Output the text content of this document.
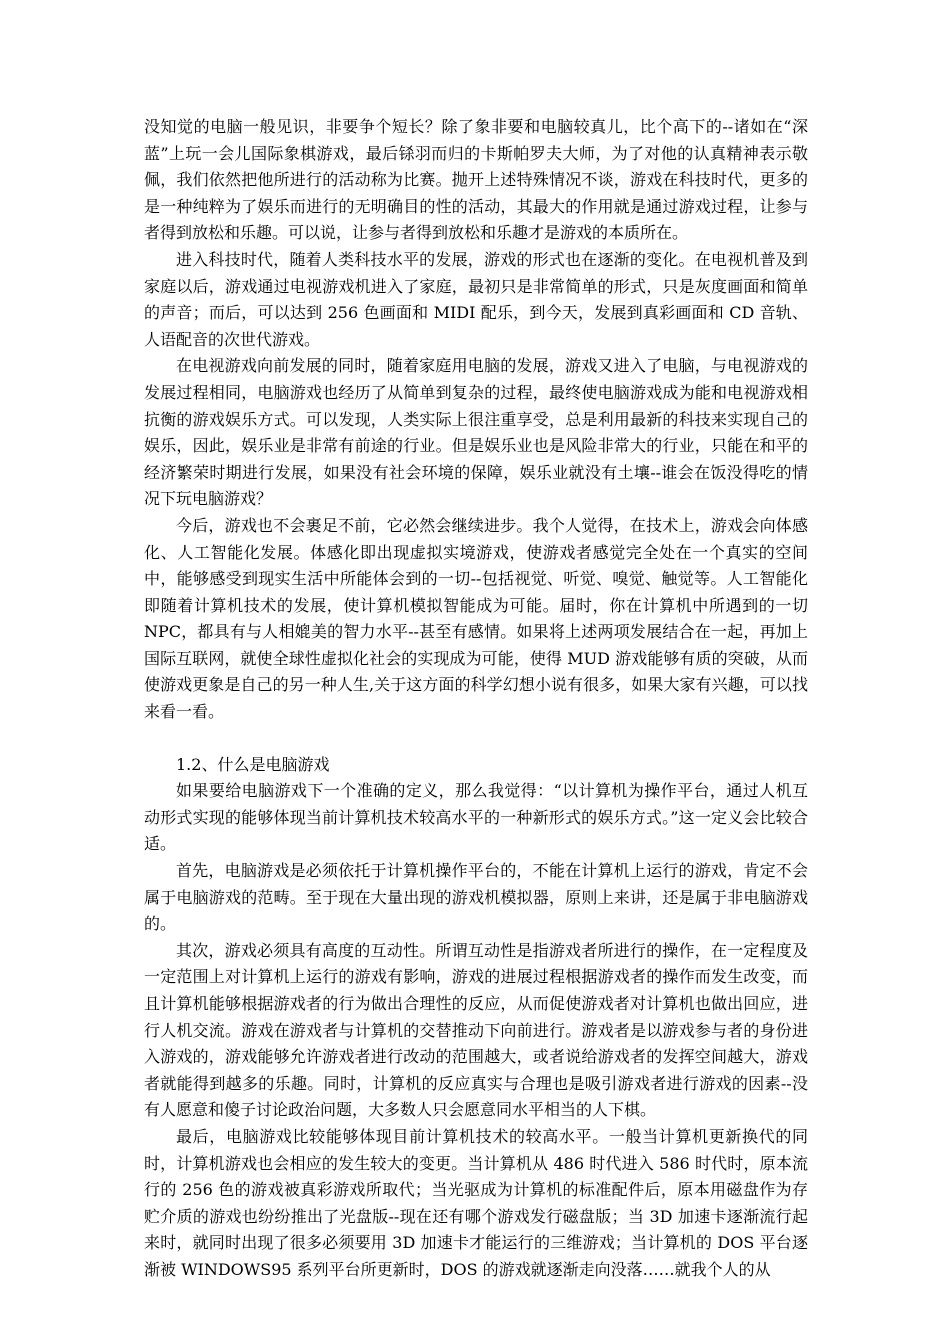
没知觉的电脑一般见识，非要争个短长？除了象非要和电脑较真儿，比个高下的--诸如在“深蓝”上玩一会儿国际象棋游戏，最后铩羽而归的卡斯帕罗夫大师，为了对他的认真精神表示敬佩，我们依然把他所进行的活动称为比赛。抛开上述特殊情况不谈，游戏在科技时代，更多的是一种纯粹为了娱乐而进行的无明确目的性的活动，其最大的作用就是通过游戏过程，让参与者得到放松和乐趣。可以说，让参与者得到放松和乐趣才是游戏的本质所在。

进入科技时代，随着人类科技水平的发展，游戏的形式也在逐渐的变化。在电视机普及到家庭以后，游戏通过电视游戏机进入了家庭，最初只是非常简单的形式，只是灰度画面和简单的声音；而后，可以达到 256 色画面和 MIDI 配乐，到今天，发展到真彩画面和 CD 音轨、人语配音的次世代游戏。

在电视游戏向前发展的同时，随着家庭用电脑的发展，游戏又进入了电脑，与电视游戏的发展过程相同，电脑游戏也经历了从简单到复杂的过程，最终使电脑游戏成为能和电视游戏相抗衡的游戏娱乐方式。可以发现，人类实际上很注重享受，总是利用最新的科技来实现自己的娱乐，因此，娱乐业是非常有前途的行业。但是娱乐业也是风险非常大的行业，只能在和平的经济繁荣时期进行发展，如果没有社会环境的保障，娱乐业就没有土壤--谁会在饭没得吃的情况下玩电脑游戏？

今后，游戏也不会裹足不前，它必然会继续进步。我个人觉得，在技术上，游戏会向体感化、人工智能化发展。体感化即出现虚拟实境游戏，使游戏者感觉完全处在一个真实的空间中，能够感受到现实生活中所能体会到的一切--包括视觉、听觉、嗅觉、触觉等。人工智能化即随着计算机技术的发展，使计算机模拟智能成为可能。届时，你在计算机中所遇到的一切 NPC，都具有与人相媲美的智力水平--甚至有感情。如果将上述两项发展结合在一起，再加上国际互联网，就使全球性虚拟化社会的实现成为可能，使得 MUD 游戏能够有质的突破，从而使游戏更象是自己的另一种人生,关于这方面的科学幻想小说有很多，如果大家有兴趣，可以找来看一看。

1.2、什么是电脑游戏

如果要给电脑游戏下一个准确的定义，那么我觉得：“以计算机为操作平台，通过人机互动形式实现的能够体现当前计算机技术较高水平的一种新形式的娱乐方式。”这一定义会比较合适。

首先，电脑游戏是必须依托于计算机操作平台的，不能在计算机上运行的游戏，肯定不会属于电脑游戏的范畴。至于现在大量出现的游戏机模拟器，原则上来讲，还是属于非电脑游戏的。

其次，游戏必须具有高度的互动性。所谓互动性是指游戏者所进行的操作，在一定程度及一定范围上对计算机上运行的游戏有影响，游戏的进展过程根据游戏者的操作而发生改变，而且计算机能够根据游戏者的行为做出合理性的反应，从而促使游戏者对计算机也做出回应，进行人机交流。游戏在游戏者与计算机的交替推动下向前进行。游戏者是以游戏参与者的身份进入游戏的，游戏能够允许游戏者进行改动的范围越大，或者说给游戏者的发挥空间越大，游戏者就能得到越多的乐趣。同时，计算机的反应真实与合理也是吸引游戏者进行游戏的因素--没有人愿意和傻子讨论政治问题，大多数人只会愿意同水平相当的人下棋。

最后，电脑游戏比较能够体现目前计算机技术的较高水平。一般当计算机更新换代的同时，计算机游戏也会相应的发生较大的变更。当计算机从 486 时代进入 586 时代时，原本流行的 256 色的游戏被真彩游戏所取代；当光驱成为计算机的标准配件后，原本用磁盘作为存贮介质的游戏也纷纷推出了光盘版--现在还有哪个游戏发行磁盘版；当 3D 加速卡逐渐流行起来时，就同时出现了很多必须要用 3D 加速卡才能运行的三维游戏；当计算机的 DOS 平台逐渐被 WINDOWS95 系列平台所更新时，DOS 的游戏就逐渐走向没落……就我个人的从
